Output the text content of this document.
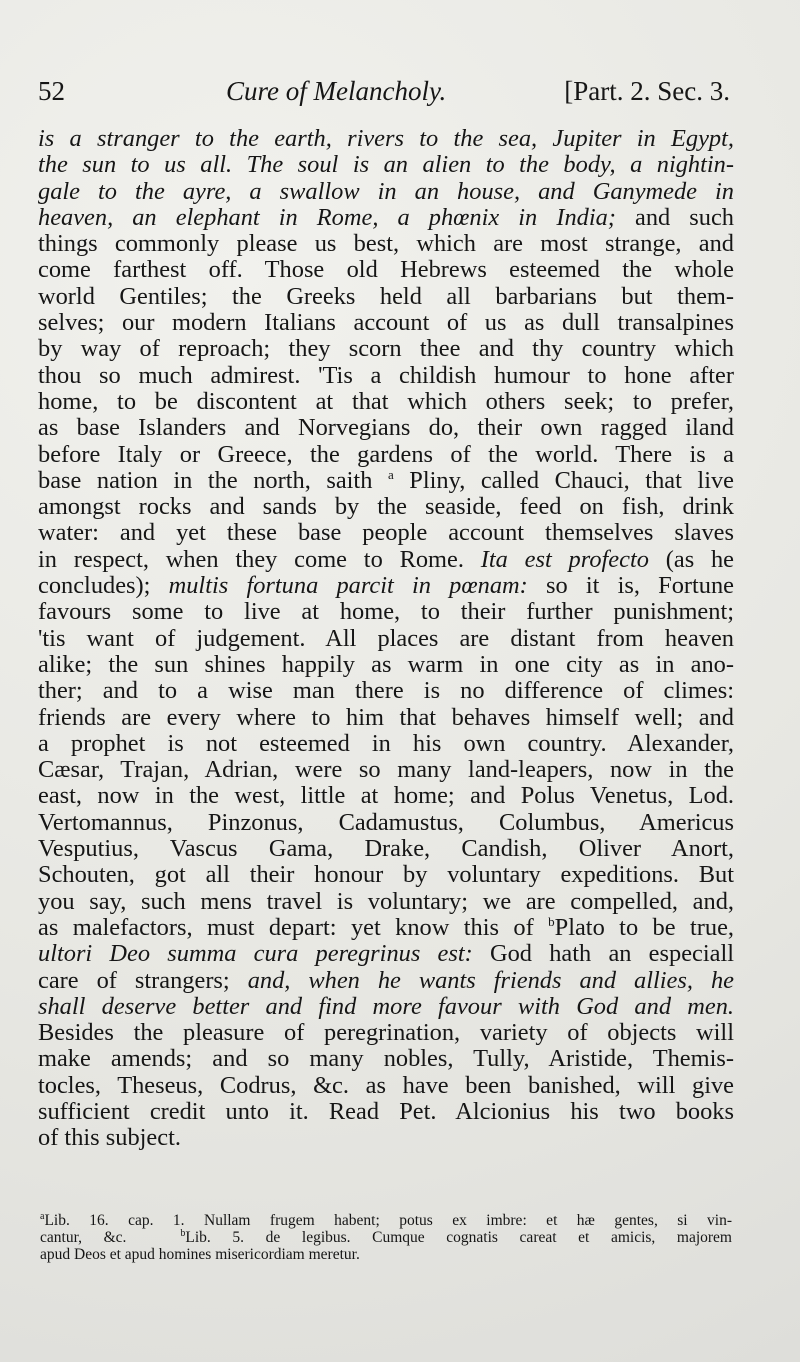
52	Cure of Melancholy.	[Part. 2. Sec. 3.
is a stranger to the earth, rivers to the sea, Jupiter in Egypt,
the sun to us all. The soul is an alien to the body, a nightin-
gale to the ayre, a swallow in an house, and Ganymede in
heaven, an elephant in Rome, a phœnix in India; and such
things commonly please us best, which are most strange, and
come farthest off. Those old Hebrews esteemed the whole
world Gentiles; the Greeks held all barbarians but them-
selves; our modern Italians account of us as dull transalpines
by way of reproach; they scorn thee and thy country which
thou so much admirest. 'Tis a childish humour to hone after
home, to be discontent at that which others seek; to prefer,
as base Islanders and Norvegians do, their own ragged iland
before Italy or Greece, the gardens of the world. There is a
base nation in the north, saith $^a$ Pliny, called Chauci, that live
amongst rocks and sands by the seaside, feed on fish, drink
water: and yet these base people account themselves slaves
in respect, when they come to Rome. Ita est profecto (as he
concludes); multis fortuna parcit in pœnam: so it is, Fortune
favours some to live at home, to their further punishment;
'tis want of judgement. All places are distant from heaven
alike; the sun shines happily as warm in one city as in ano-
ther; and to a wise man there is no difference of climes:
friends are every where to him that behaves himself well; and
a prophet is not esteemed in his own country. Alexander,
Cæsar, Trajan, Adrian, were so many land-leapers, now in the
east, now in the west, little at home; and Polus Venetus, Lod.
Vertomannus, Pinzonus, Cadamustus, Columbus, Americus
Vesputius, Vascus Gama, Drake, Candish, Oliver Anort,
Schouten, got all their honour by voluntary expeditions. But
you say, such mens travel is voluntary; we are compelled, and,
as malefactors, must depart: yet know this of $^b$Plato to be true,
ultori Deo summa cura peregrinus est: God hath an especiall
care of strangers; and, when he wants friends and allies, he
shall deserve better and find more favour with God and men.
Besides the pleasure of peregrination, variety of objects will
make amends; and so many nobles, Tully, Aristide, Themis-
tocles, Theseus, Codrus, &c. as have been banished, will give
sufficient credit unto it. Read Pet. Alcionius his two books
of this subject.
$^a$Lib. 16. cap. 1. Nullam frugem habent; potus ex imbre: et hæ gentes, si vin-
cantur, &c.	$^b$Lib. 5. de legibus. Cumque cognatis careat et amicis, majorem
apud Deos et apud homines misericordiam meretur.
